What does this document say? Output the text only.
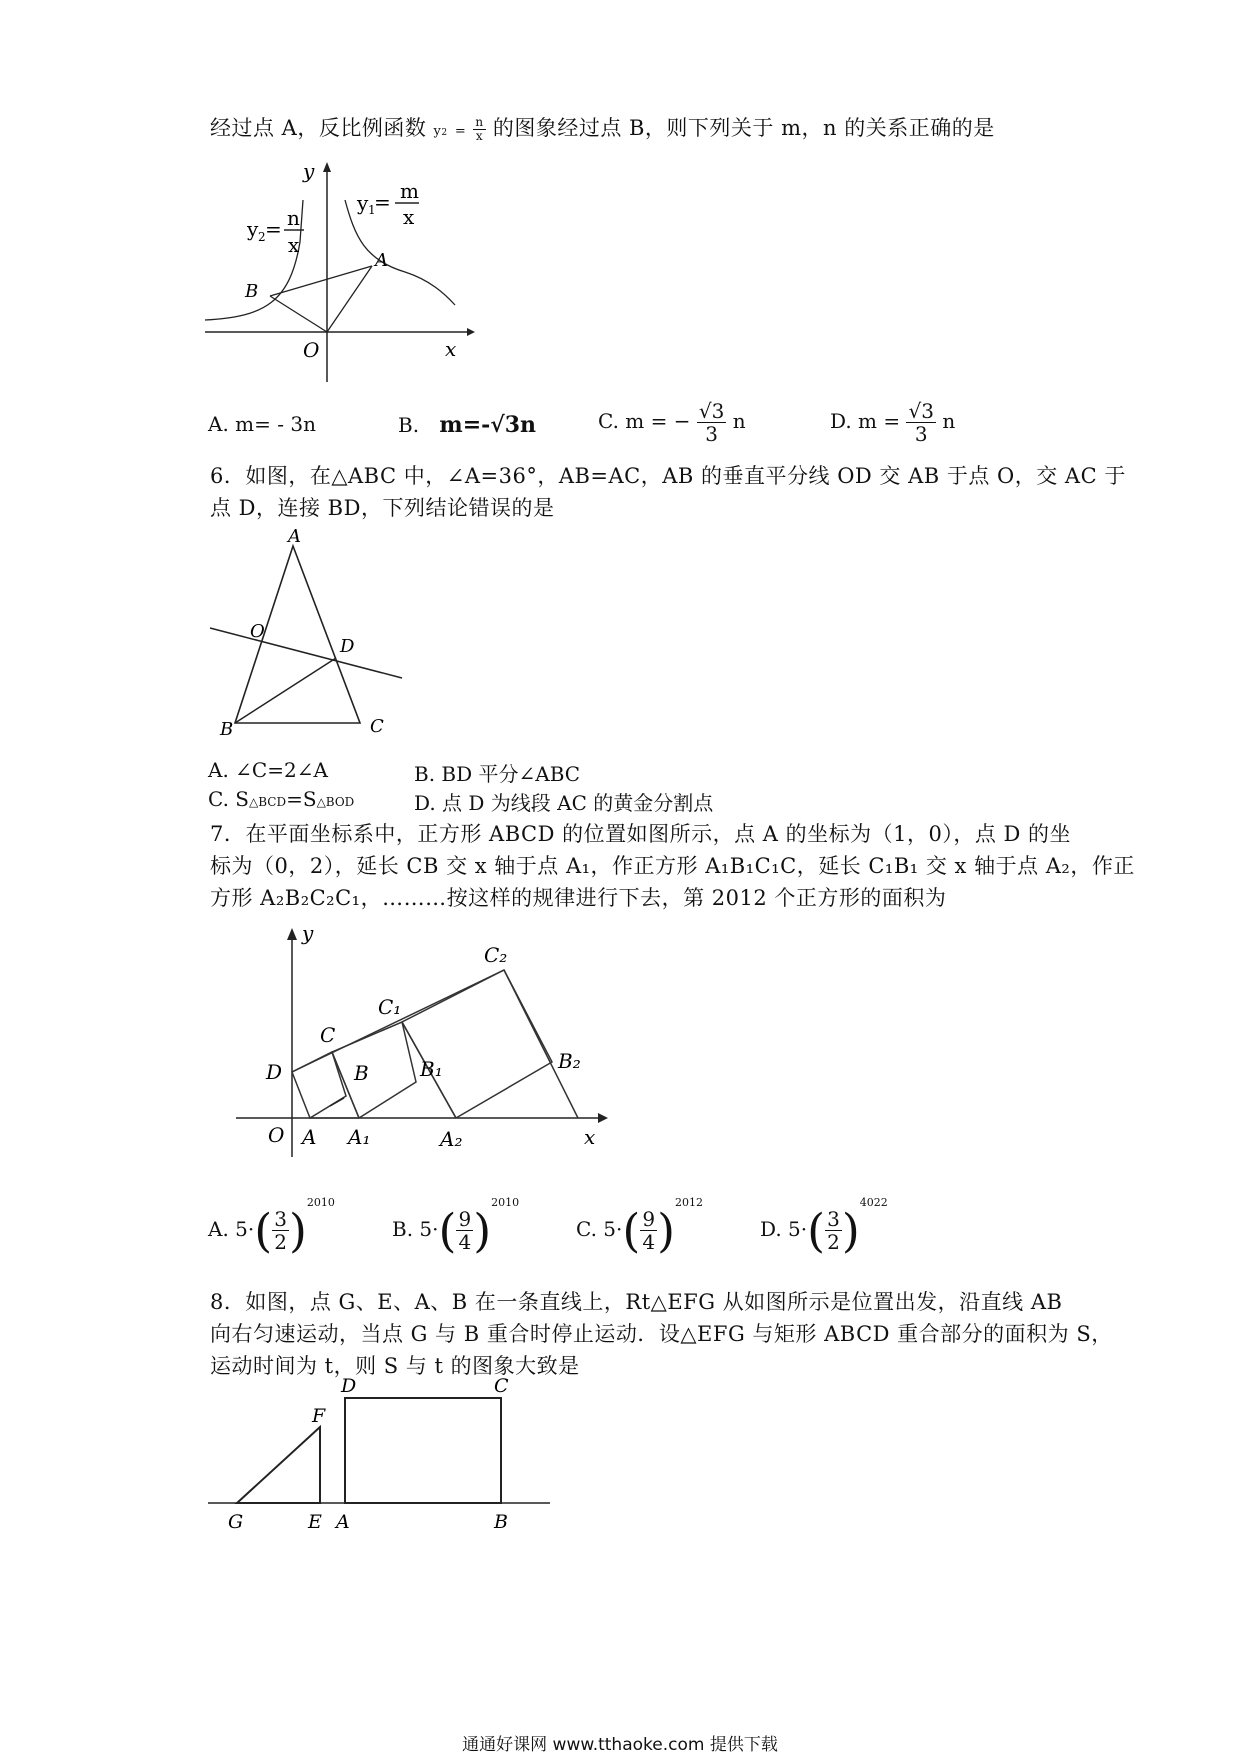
经过点 A，反比例函数 $y2 = \frac{n}{x}$ 的图象经过点 B，则下列关于 m，n 的关系正确的是
y
x
O
A
B
y 1
= m
x
y 2 = n
x
A. m= - 3n	B. m=-√3n	C. m = − $\frac{√3}{3}$ n	D. $m = \frac{√3}{3}$ n
6．如图，在△ABC 中，∠A=36°，AB=AC，AB 的垂直平分线 OD 交 AB 于点 O，交 AC 于
点 D，连接 BD，下列结论错误的是
A
B	C
D
O
A. ∠C=2∠A	B. BD 平分∠ABC
C. S△BCD=S△BOD	D. 点 D 为线段 AC 的黄金分割点
7．在平面坐标系中，正方形 ABCD 的位置如图所示，点 A 的坐标为（1，0），点 D 的坐
标为（0，2），延长 CB 交 x 轴于点 A₁，作正方形 A₁B₁C₁C，延长 C₁B₁ 交 x 轴于点 A₂，作正
方形 A₂B₂C₂C₁，………按这样的规律进行下去，第 2012 个正方形的面积为
y
x
O A
B
C
D
A₁
B₁
C₁
A₂
B₂
C₂
A. $5\cdot( \frac{3}{2} )^{2010}$
B. $5\cdot( \frac{9}{4} )^{2010}$
C. $5\cdot( \frac{9}{4} )^{2012}$
D. $5\cdot( \frac{3}{2} )^{4022}$
8．如图，点 G、E、A、B 在一条直线上，Rt△EFG 从如图所示是位置出发，沿直线 AB
向右匀速运动，当点 G 与 B 重合时停止运动．设△EFG 与矩形 ABCD 重合部分的面积为 S，
运动时间为 t，则 S 与 t 的图象大致是
D	C
F
G	E A	B
通通好课网 www.tthaoke.com 提供下载
